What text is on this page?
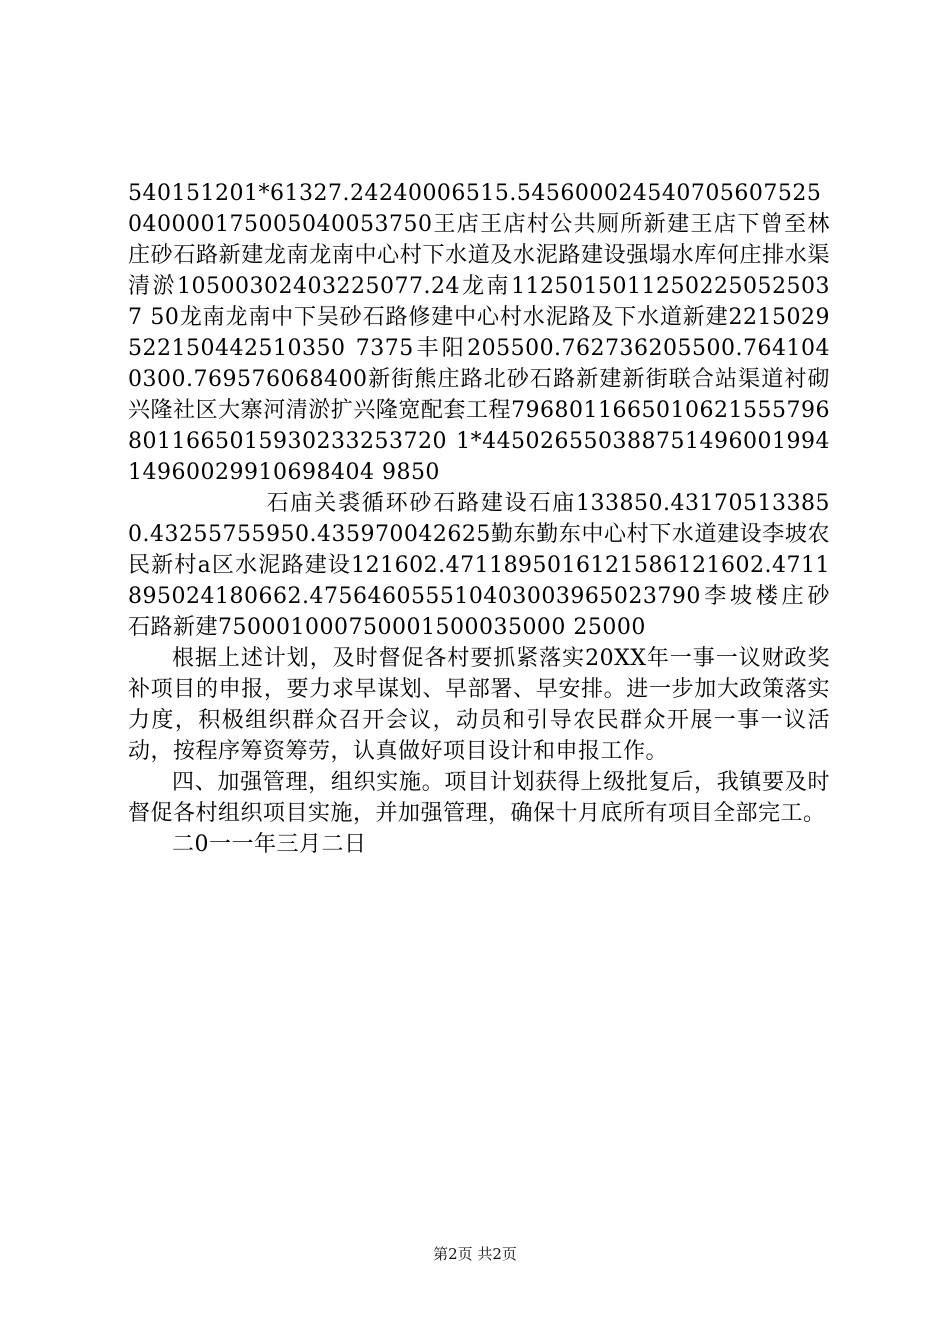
540151201*61327.24240006515.545600024540705607525040000175005040053750王店王店村公共厕所新建王店下曾至林庄砂石路新建龙南龙南中心村下水道及水泥路建设强塌水库何庄排水渠清淤10500302403225077.24龙南11250150112502250525037 50龙南龙南中下吴砂石路修建中心村水泥路及下水道新建2215029522150442510350 7375丰阳205500.762736205500.7641040300.769576068400新街熊庄路北砂石路新建新街联合站渠道衬砌兴隆社区大寨河清淤扩兴隆宽配套工程79680116650106215557968011665015930233253720 1*44502655038875149600199414960029910698404 9850

石庙关裘循环砂石路建设石庙133850.431705133850.43255755950.435970042625勤东勤东中心村下水道建设李坡农民新村a区水泥路建设121602.4711895016121586121602.4711895024180662.475646055510403003965023790李坡楼庄砂石路新建750001000750001500035000 25000

根据上述计划，及时督促各村要抓紧落实20XX年一事一议财政奖补项目的申报，要力求早谋划、早部署、早安排。进一步加大政策落实力度，积极组织群众召开会议，动员和引导农民群众开展一事一议活动，按程序筹资筹劳，认真做好项目设计和申报工作。

四、加强管理，组织实施。项目计划获得上级批复后，我镇要及时督促各村组织项目实施，并加强管理，确保十月底所有项目全部完工。

二0一一年三月二日

第2页 共2页
